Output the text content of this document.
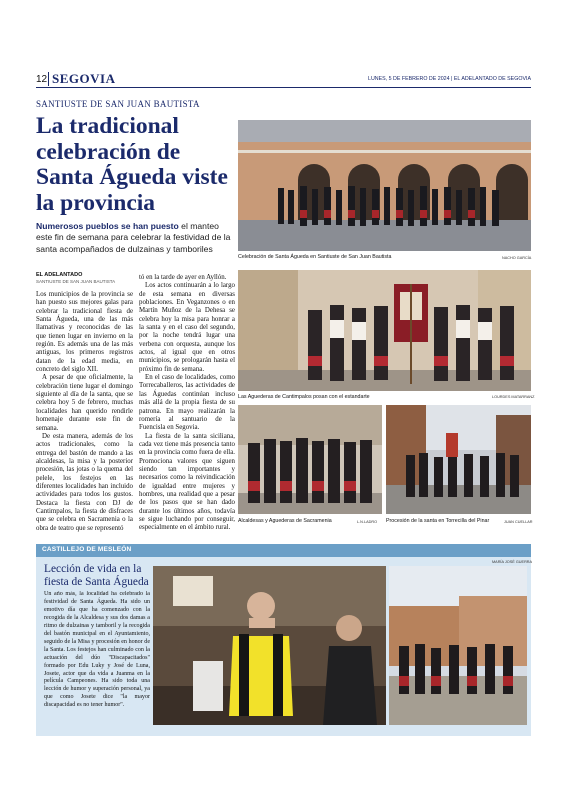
12 SEGOVIA	LUNES, 5 DE FEBRERO DE 2024 | EL ADELANTADO DE SEGOVIA
SANTIUSTE DE SAN JUAN BAUTISTA
La tradicional celebración de Santa Águeda viste la provincia
Numerosos pueblos se han puesto el manteo este fin de semana para celebrar la festividad de la santa acompañados de dulzainas y tamboriles
EL ADELANTADO
SANTIUSTE DE SAN JUAN BAUTISTA

Los municipios de la provincia se han puesto sus mejores galas para celebrar la tradicional fiesta de Santa Águeda, una de las más llamativas y reconocidas de las que tienen lugar en invierno en la región. Es además una de las más antiguas, los primeros registros datan de la edad media, en concreto del siglo XII.

A pesar de que oficialmente, la celebración tiene lugar el domingo siguiente al día de la santa, que se celebra hoy 5 de febrero, muchas localidades han querido rendirle homenaje durante este fin de semana.

De esta manera, además de los actos tradicionales, como la entrega del bastón de mando a las alcaldesas, la misa y la posterior procesión, las jotas o la quema del pelele, los festejos en las diferentes localidades han incluido actividades para todos los gustos. Destaca la fiesta con DJ de Cantimpalos, la fiesta de disfraces que se celebra en Sacramenia o la obra de teatro que se representó

tó en la tarde de ayer en Ayllón.

Los actos continuarán a lo largo de esta semana en diversas poblaciones. En Veganzones o en Martín Muñoz de la Dehesa se celebra hoy la misa para honrar a la santa y en el caso del segundo, por la noche tendrá lugar una verbena con orquesta, aunque los actos, al igual que en otros municipios, se prologarán hasta el próximo fin de semana.

En el caso de localidades, como Torrecaballeros, las actividades de las Águedas continúan incluso más allá de la propia fiesta de su patrona. En mayo realizarán la romería al santuario de la Fuencisla en Segovia.

La fiesta de la santa siciliana, cada vez tiene más presencia tanto en la provincia como fuera de ella. Promociona valores que siguen siendo tan importantes y necesarios como la reivindicación de igualdad entre mujeres y hombres, una realidad que a pesar de los pasos que se han dado durante los últimos años, todavía se sigue luchando por conseguir, especialmente en el ámbito rural.

Celebración de Santa Águeda en Santiuste de San Juan Bautista	NACHO GARCÍA
Las Aguederas de Cantimpalos posan con el estandarte	LOURDES MATARRANZ
Alcaldesas y Aguederas de Sacramenia	L.N.LADRO Procesión de la santa en Torrecilla del Pinar	JUAN CUELLAR
CASTILLEJO DE MESLEÓN
Lección de vida en la fiesta de Santa Águeda

Un año más, la localidad ha celebrado la festividad de Santa Águeda. Ha sido un emotivo día que ha comenzado con la recogida de la Alcaldesa y sus dos damas a ritmo de dulzainas y tamboril y la recogida del bastón municipal en el Ayuntamiento, seguido de la Misa y procesión en honor de la Santa. Los festejos han culminado con la actuación del dúo "Discapacitados" formado por Edu Luky y José de Luna, Josete, actor que da vida a Juanma en la película Campeones. Ha sido toda una lección de humor y superación personal, ya que como Josete dice "la mayor discapacidad es no tener humor".

MARÍA JOSÉ GUERRA
